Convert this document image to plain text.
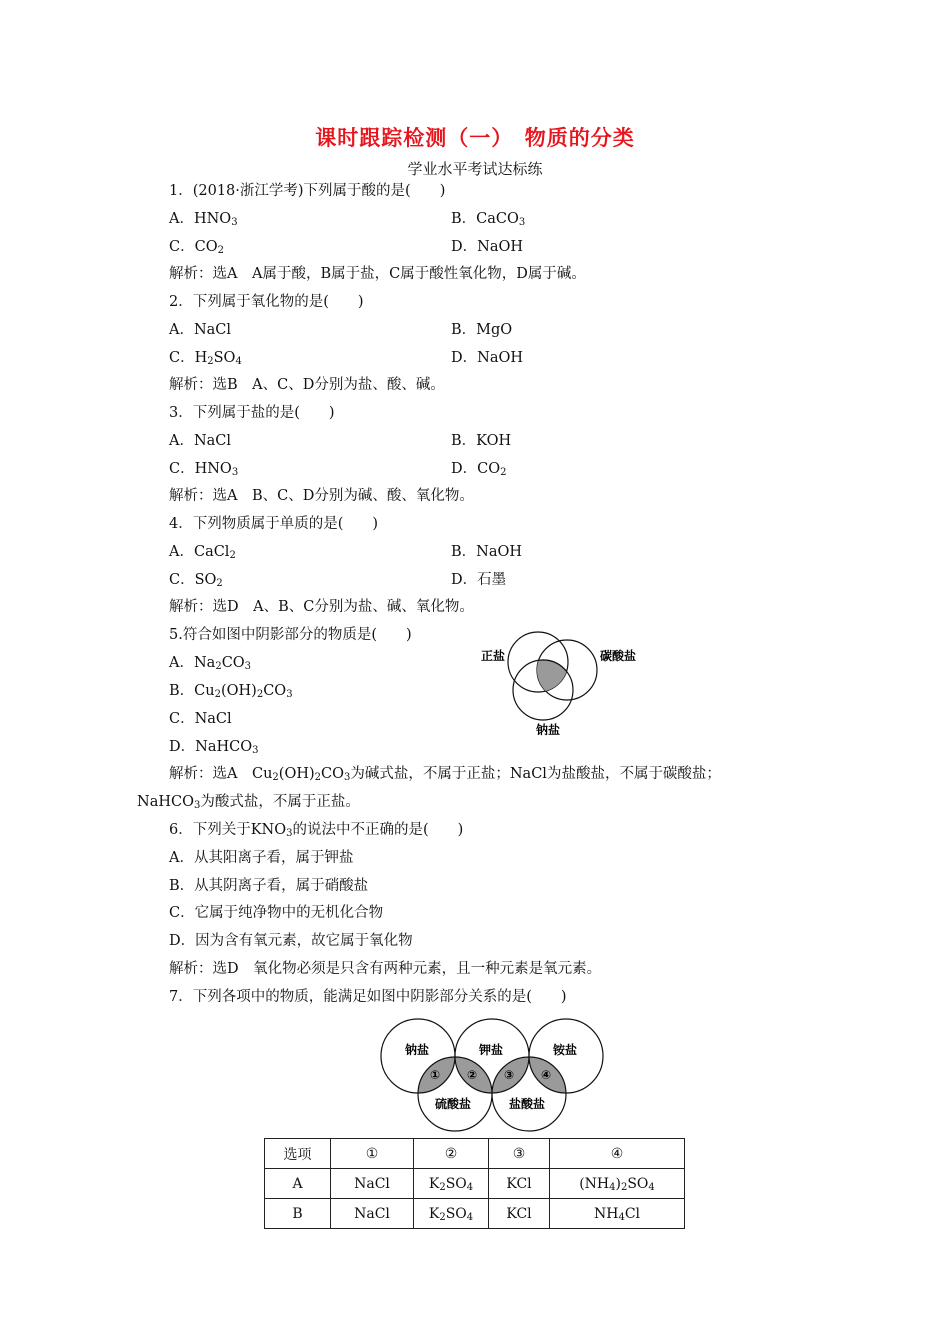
课时跟踪检测（一）　物质的分类
学业水平考试达标练
1．(2018·浙江学考)下列属于酸的是(　　)
A．$HNO_3$	B．CaCO$_3$
C．$CO_2$	D．NaOH
解析：选A　A属于酸，B属于盐，C属于酸性氧化物，D属于碱。
2．下列属于氧化物的是(　　)
A．NaCl	B．MgO
C．$H_2SO_4$	D．NaOH
解析：选B　A、C、D分别为盐、酸、碱。
3．下列属于盐的是(　　)
A．NaCl	B．KOH
C．$HNO_3$	D．$CO_2$
解析：选A　B、C、D分别为碱、酸、氧化物。
4．下列物质属于单质的是(　　)
A．CaCl$_2$	B．NaOH
C．$SO_2$	D．石墨
解析：选D　A、B、C分别为盐、碱、氧化物。
5.符合如图中阴影部分的物质是(　　)
A．$Na_2CO_3$
B．$Cu_2(OH)_2CO_3$
C．NaCl
D．NaHCO$_3$
解析：选A　$Cu_2(OH)_2CO_3$为碱式盐，不属于正盐；NaCl为盐酸盐，不属于碳酸盐；
NaHCO$_3$为酸式盐，不属于正盐。
正盐	碳酸盐
钠盐
6．下列关于$KNO_3$的说法中不正确的是(　　)
A．从其阳离子看，属于钾盐
B．从其阴离子看，属于硝酸盐
C．它属于纯净物中的无机化合物
D．因为含有氧元素，故它属于氧化物
解析：选D　氧化物必须是只含有两种元素，且一种元素是氧元素。
7．下列各项中的物质，能满足如图中阴影部分关系的是(　　)
钠盐	钾盐	铵盐
硫酸盐	盐酸盐
① ② ③ ④
选项	①	②	③	④
A	NaCl	$K_2SO_4$	KCl	$(NH_4)_2SO_4$
B	NaCl	$K_2SO_4$	KCl	$NH_4Cl$
